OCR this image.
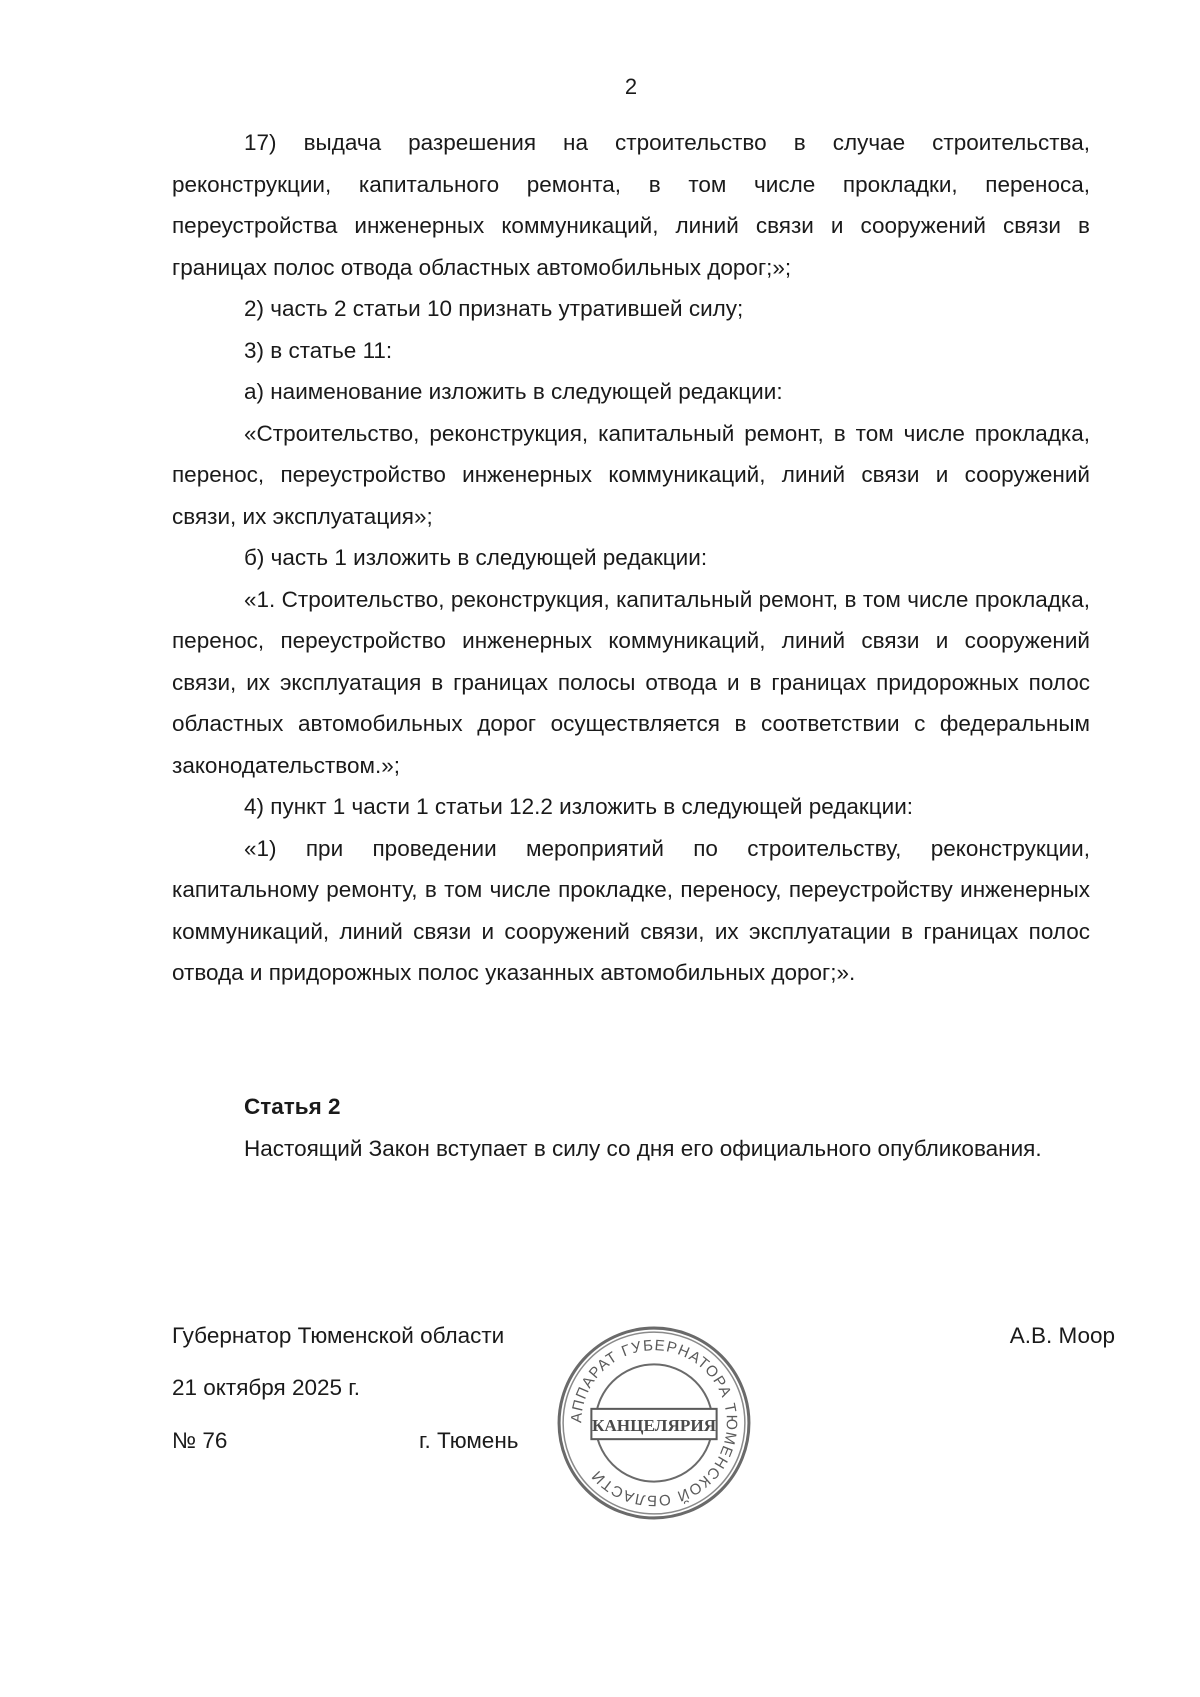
2

17) выдача разрешения на строительство в случае строительства, реконструкции, капитального ремонта, в том числе прокладки, переноса, переустройства инженерных коммуникаций, линий связи и сооружений связи в границах полос отвода областных автомобильных дорог;»;

2) часть 2 статьи 10 признать утратившей силу;

3) в статье 11:

а) наименование изложить в следующей редакции:

«Строительство, реконструкция, капитальный ремонт, в том числе прокладка, перенос, переустройство инженерных коммуникаций, линий связи и сооружений связи, их эксплуатация»;

б) часть 1 изложить в следующей редакции:

«1. Строительство, реконструкция, капитальный ремонт, в том числе прокладка, перенос, переустройство инженерных коммуникаций, линий связи и сооружений связи, их эксплуатация в границах полосы отвода и в границах придорожных полос областных автомобильных дорог осуществляется в соответствии с федеральным законодательством.»;

4) пункт 1 части 1 статьи 12.2 изложить в следующей редакции:

«1) при проведении мероприятий по строительству, реконструкции, капитальному ремонту, в том числе прокладке, переносу, переустройству инженерных коммуникаций, линий связи и сооружений связи, их эксплуатации в границах полос отвода и придорожных полос указанных автомобильных дорог;».

Статья 2

Настоящий Закон вступает в силу со дня его официального опубликования.

Губернатор Тюменской области	А.В. Моор
21 октября 2025 г.
№ 76	г. Тюмень
АППАРАТ ГУБЕРНАТОРА ТЮМЕНСКОЙ ОБЛАСТИ
КАНЦЕЛЯРИЯ
